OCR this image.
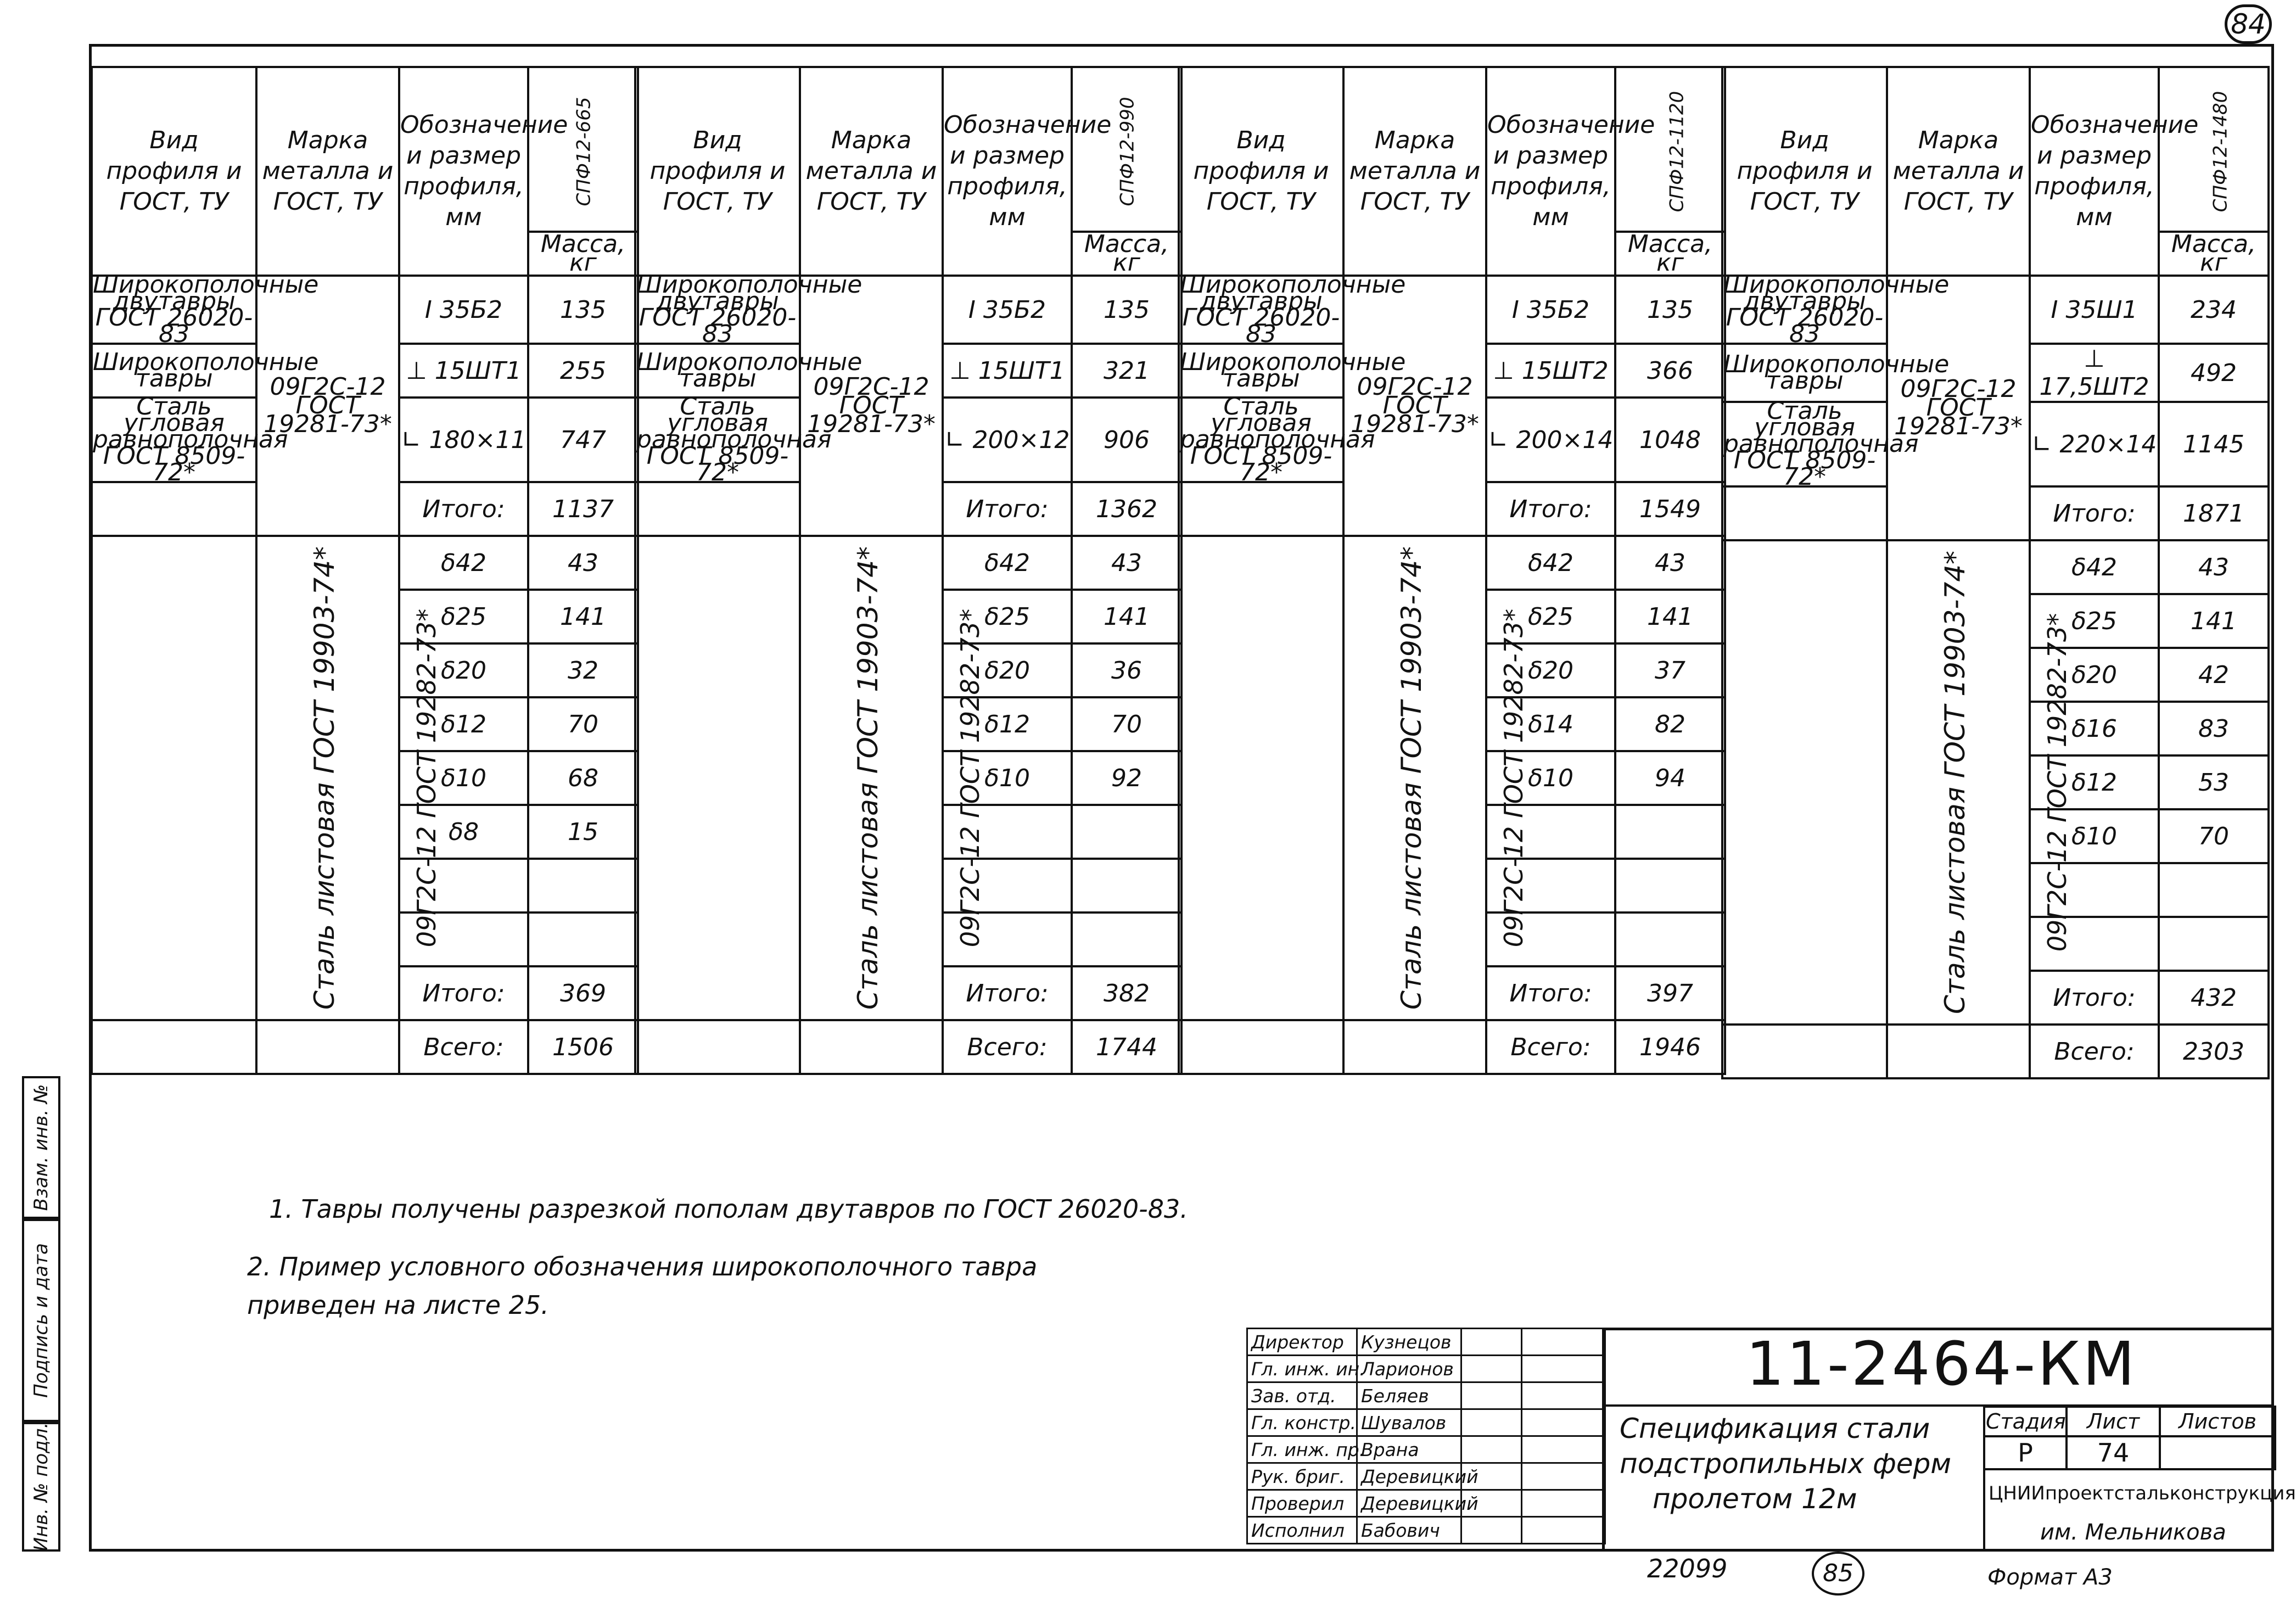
84
Взам. инв. №
Подпись и дата
Инв. № подл.
Вид профиля и ГОСТ, ТУ	Марка металла и ГОСТ, ТУ	Обозначение и размер профиля, мм	СПФ12-665
			Масса, кг
Широкополочные двутавры ГОСТ 26020-83	09Г2С-12 ГОСТ 19281-73*	I 35Б2	135
Широкополочные тавры		⊥ 15ШТ1	255
Сталь угловая равнополочная ГОСТ 8509-72*		∟ 180×11	747
		Итого:	1137
Сталь листовая ГОСТ 19903-74*	09Г2С-12 ГОСТ 19282-73*	δ42	43
		δ25	141
		δ20	32
		δ12	70
		δ10	68
		δ8	15

		Итого:	369
		Всего:	1506
Вид профиля и ГОСТ, ТУ	Марка металла и ГОСТ, ТУ	Обозначение и размер профиля, мм	СПФ12-990
			Масса, кг
Широкополочные двутавры ГОСТ 26020-83	09Г2С-12 ГОСТ 19281-73*	I 35Б2	135
Широкополочные тавры		⊥ 15ШТ1	321
Сталь угловая равнополочная ГОСТ 8509-72*		∟ 200×12	906
		Итого:	1362
Сталь листовая ГОСТ 19903-74*	09Г2С-12 ГОСТ 19282-73*	δ42	43
		δ25	141
		δ20	36
		δ12	70
		δ10	92

		Итого:	382
		Всего:	1744
Вид профиля и ГОСТ, ТУ	Марка металла и ГОСТ, ТУ	Обозначение и размер профиля, мм	СПФ12-1120
			Масса, кг
Широкополочные двутавры ГОСТ 26020-83	09Г2С-12 ГОСТ 19281-73*	I 35Б2	135
Широкополочные тавры		⊥ 15ШТ2	366
Сталь угловая равнополочная ГОСТ 8509-72*		∟ 200×14	1048
		Итого:	1549
Сталь листовая ГОСТ 19903-74*	09Г2С-12 ГОСТ 19282-73*	δ42	43
		δ25	141
		δ20	37
		δ14	82
		δ10	94

		Итого:	397
		Всего:	1946
Вид профиля и ГОСТ, ТУ	Марка металла и ГОСТ, ТУ	Обозначение и размер профиля, мм	СПФ12-1480
			Масса, кг
Широкополочные двутавры ГОСТ 26020-83	09Г2С-12 ГОСТ 19281-73*	I 35Ш1	234
Широкополочные тавры		⊥ 17,5ШТ2	492
Сталь угловая равнополочная ГОСТ 8509-72*		∟ 220×14	1145
		Итого:	1871
Сталь листовая ГОСТ 19903-74*	09Г2С-12 ГОСТ 19282-73*	δ42	43
		δ25	141
		δ20	42
		δ16	83
		δ12	53
		δ10	70

		Итого:	432
		Всего:	2303
1. Тавры получены разрезкой пополам двутавров по ГОСТ 26020-83.
2. Пример условного обозначения широкополочного тавра
приведен на листе 25.
Директор	Кузнецов		
Гл. инж. ин.	Ларионов		
Зав. отд.	Беляев		
Гл. констр.	Шувалов		
Гл. инж. пр.	Врана		
Рук. бриг.	Деревицкий		
Проверил	Деревицкий		
Исполнил	Бабович		
11-2464-КМ
Спецификация стали
подстропильных ферм
пролетом 12м
Стадия	Лист	Листов
Р	74	
ЦНИИпроектстальконструкция
им. Мельникова
22099	85	Формат А3
